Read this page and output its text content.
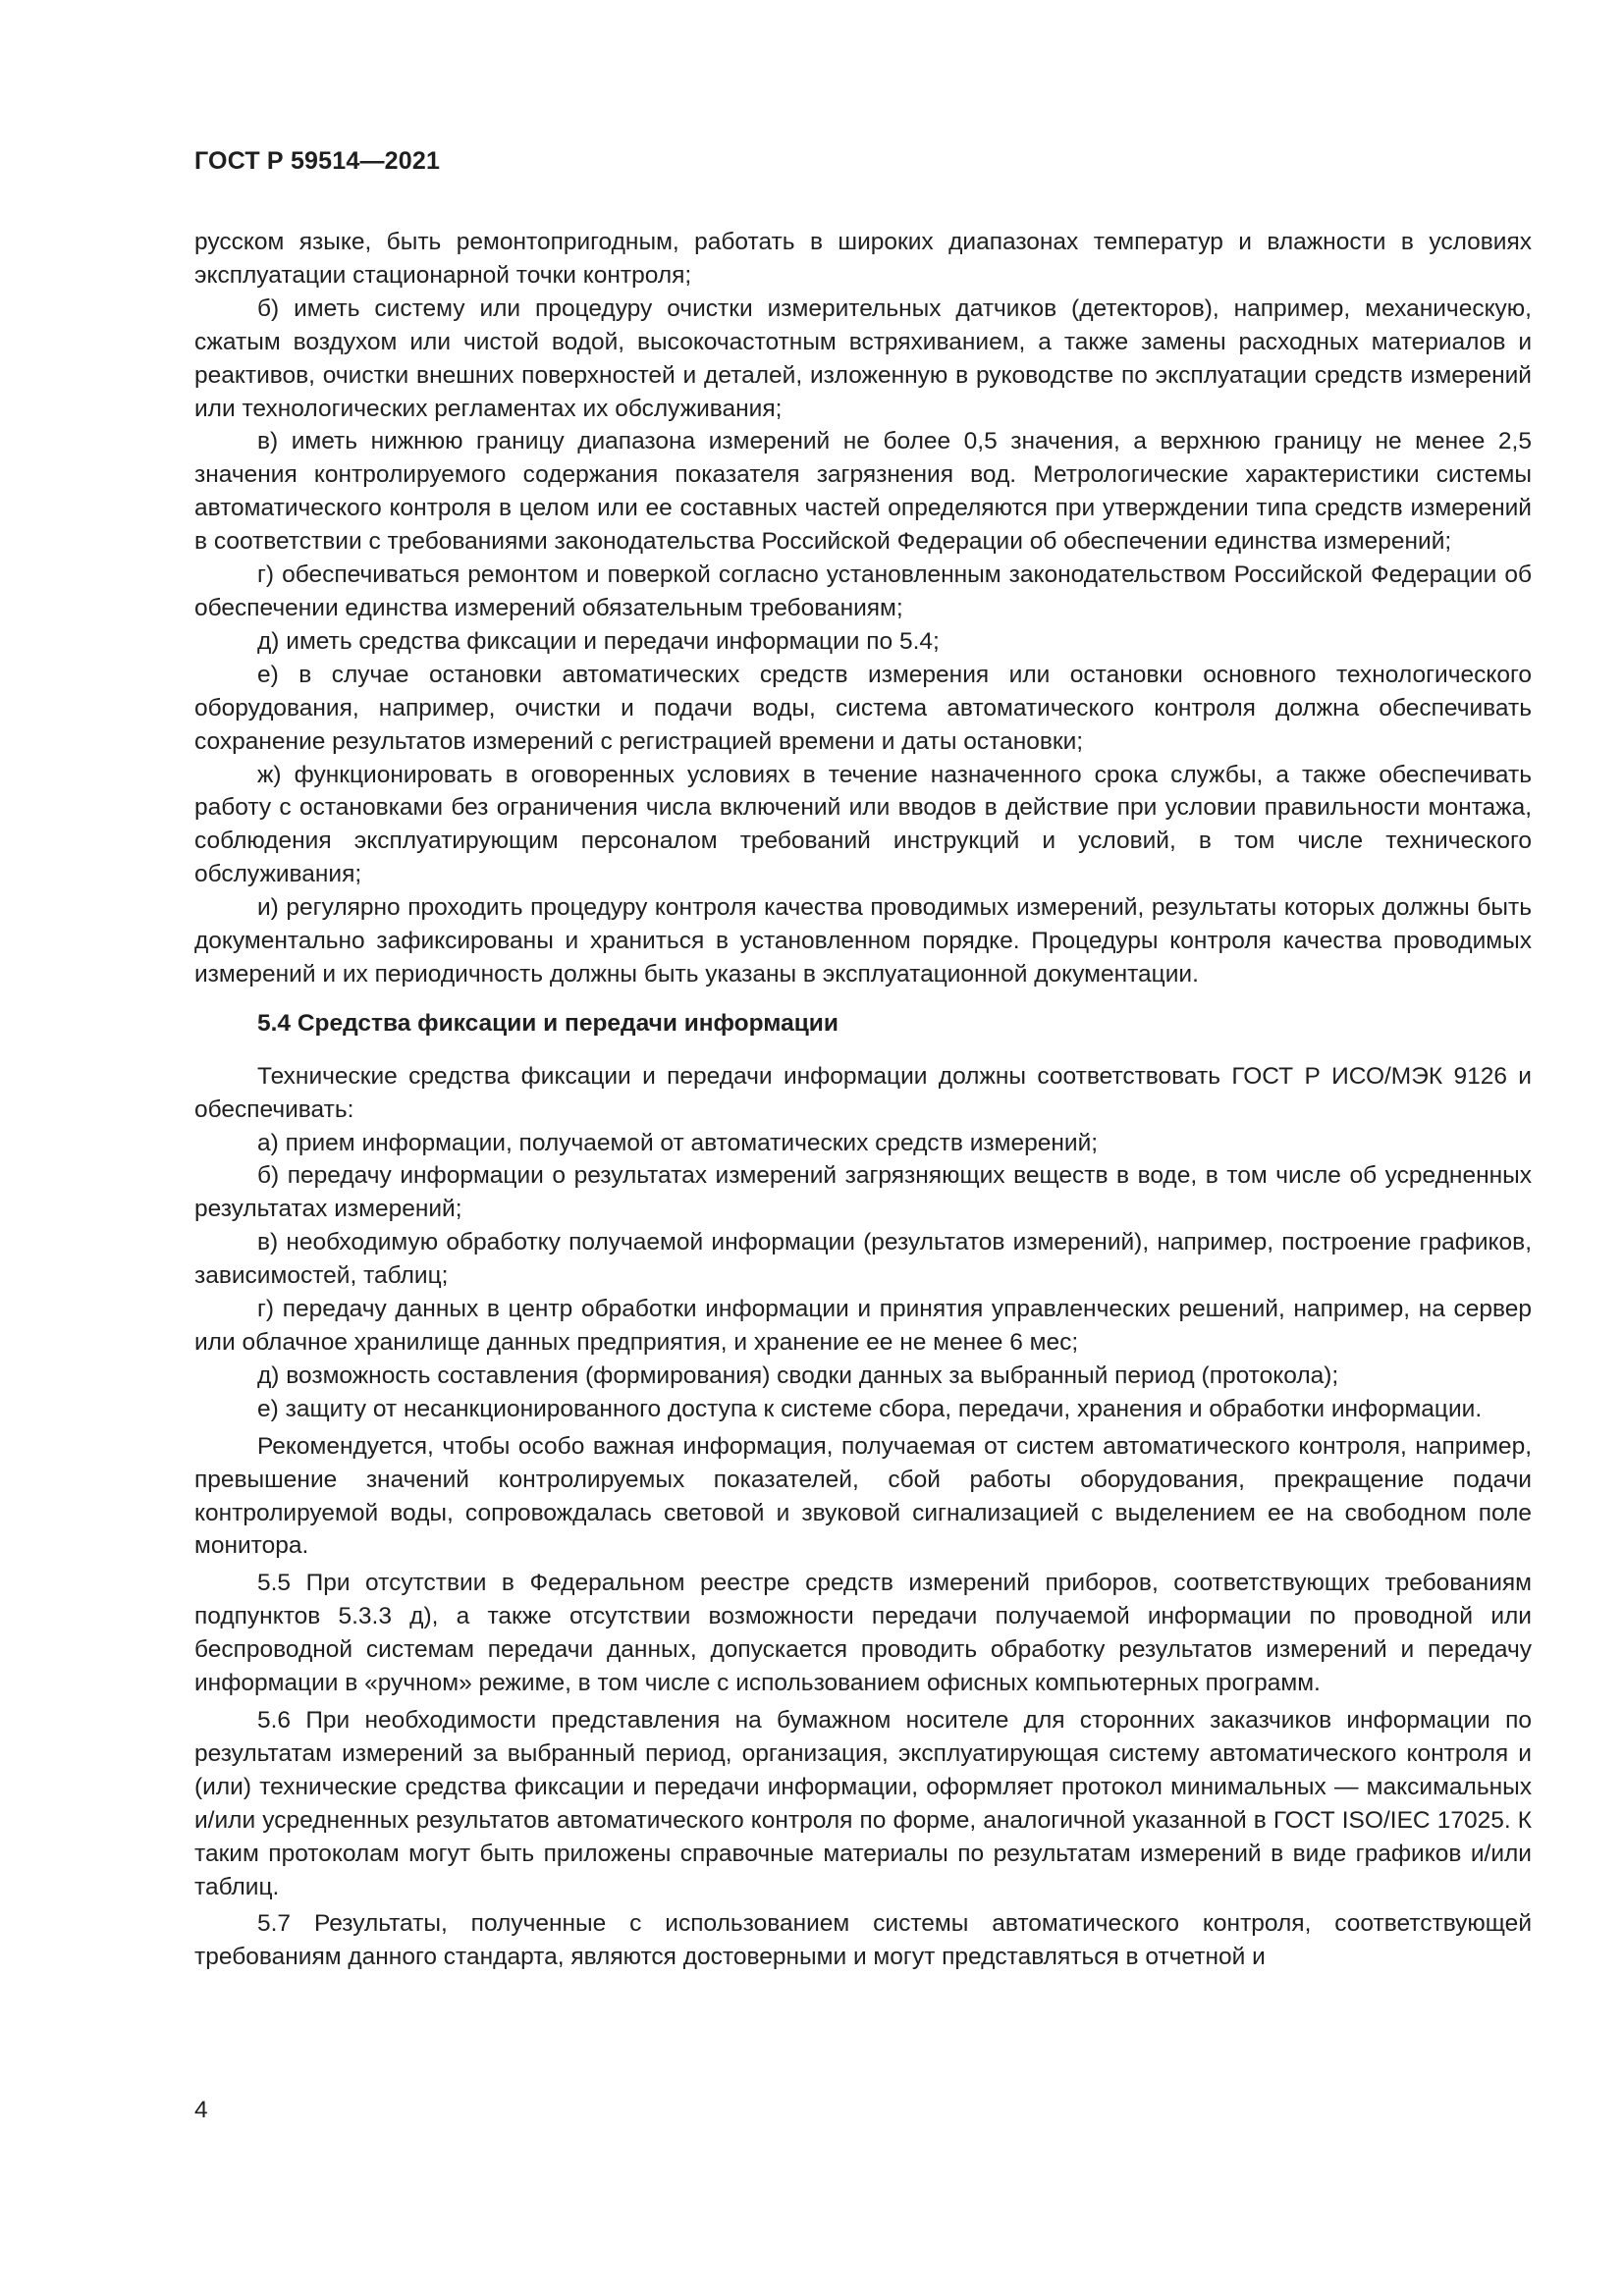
ГОСТ Р 59514—2021

русском языке, быть ремонтопригодным, работать в широких диапазонах температур и влажности в условиях эксплуатации стационарной точки контроля;

б) иметь систему или процедуру очистки измерительных датчиков (детекторов), например, механическую, сжатым воздухом или чистой водой, высокочастотным встряхиванием, а также замены расходных материалов и реактивов, очистки внешних поверхностей и деталей, изложенную в руководстве по эксплуатации средств измерений или технологических регламентах их обслуживания;

в) иметь нижнюю границу диапазона измерений не более 0,5 значения, а верхнюю границу не менее 2,5 значения контролируемого содержания показателя загрязнения вод. Метрологические характеристики системы автоматического контроля в целом или ее составных частей определяются при утверждении типа средств измерений в соответствии с требованиями законодательства Российской Федерации об обеспечении единства измерений;

г) обеспечиваться ремонтом и поверкой согласно установленным законодательством Российской Федерации об обеспечении единства измерений обязательным требованиям;

д) иметь средства фиксации и передачи информации по 5.4;

е) в случае остановки автоматических средств измерения или остановки основного технологического оборудования, например, очистки и подачи воды, система автоматического контроля должна обеспечивать сохранение результатов измерений с регистрацией времени и даты остановки;

ж) функционировать в оговоренных условиях в течение назначенного срока службы, а также обеспечивать работу с остановками без ограничения числа включений или вводов в действие при условии правильности монтажа, соблюдения эксплуатирующим персоналом требований инструкций и условий, в том числе технического обслуживания;

и) регулярно проходить процедуру контроля качества проводимых измерений, результаты которых должны быть документально зафиксированы и храниться в установленном порядке. Процедуры контроля качества проводимых измерений и их периодичность должны быть указаны в эксплуатационной документации.

5.4 Средства фиксации и передачи информации

Технические средства фиксации и передачи информации должны соответствовать ГОСТ Р ИСО/МЭК 9126 и обеспечивать:

а) прием информации, получаемой от автоматических средств измерений;

б) передачу информации о результатах измерений загрязняющих веществ в воде, в том числе об усредненных результатах измерений;

в) необходимую обработку получаемой информации (результатов измерений), например, построение графиков, зависимостей, таблиц;

г) передачу данных в центр обработки информации и принятия управленческих решений, например, на сервер или облачное хранилище данных предприятия, и хранение ее не менее 6 мес;

д) возможность составления (формирования) сводки данных за выбранный период (протокола);

е) защиту от несанкционированного доступа к системе сбора, передачи, хранения и обработки информации.

Рекомендуется, чтобы особо важная информация, получаемая от систем автоматического контроля, например, превышение значений контролируемых показателей, сбой работы оборудования, прекращение подачи контролируемой воды, сопровождалась световой и звуковой сигнализацией с выделением ее на свободном поле монитора.

5.5 При отсутствии в Федеральном реестре средств измерений приборов, соответствующих требованиям подпунктов 5.3.3 д), а также отсутствии возможности передачи получаемой информации по проводной или беспроводной системам передачи данных, допускается проводить обработку результатов измерений и передачу информации в «ручном» режиме, в том числе с использованием офисных компьютерных программ.

5.6 При необходимости представления на бумажном носителе для сторонних заказчиков информации по результатам измерений за выбранный период, организация, эксплуатирующая систему автоматического контроля и (или) технические средства фиксации и передачи информации, оформляет протокол минимальных — максимальных и/или усредненных результатов автоматического контроля по форме, аналогичной указанной в ГОСТ ISO/IEC 17025. К таким протоколам могут быть приложены справочные материалы по результатам измерений в виде графиков и/или таблиц.

5.7 Результаты, полученные с использованием системы автоматического контроля, соответствующей требованиям данного стандарта, являются достоверными и могут представляться в отчетной и

4
